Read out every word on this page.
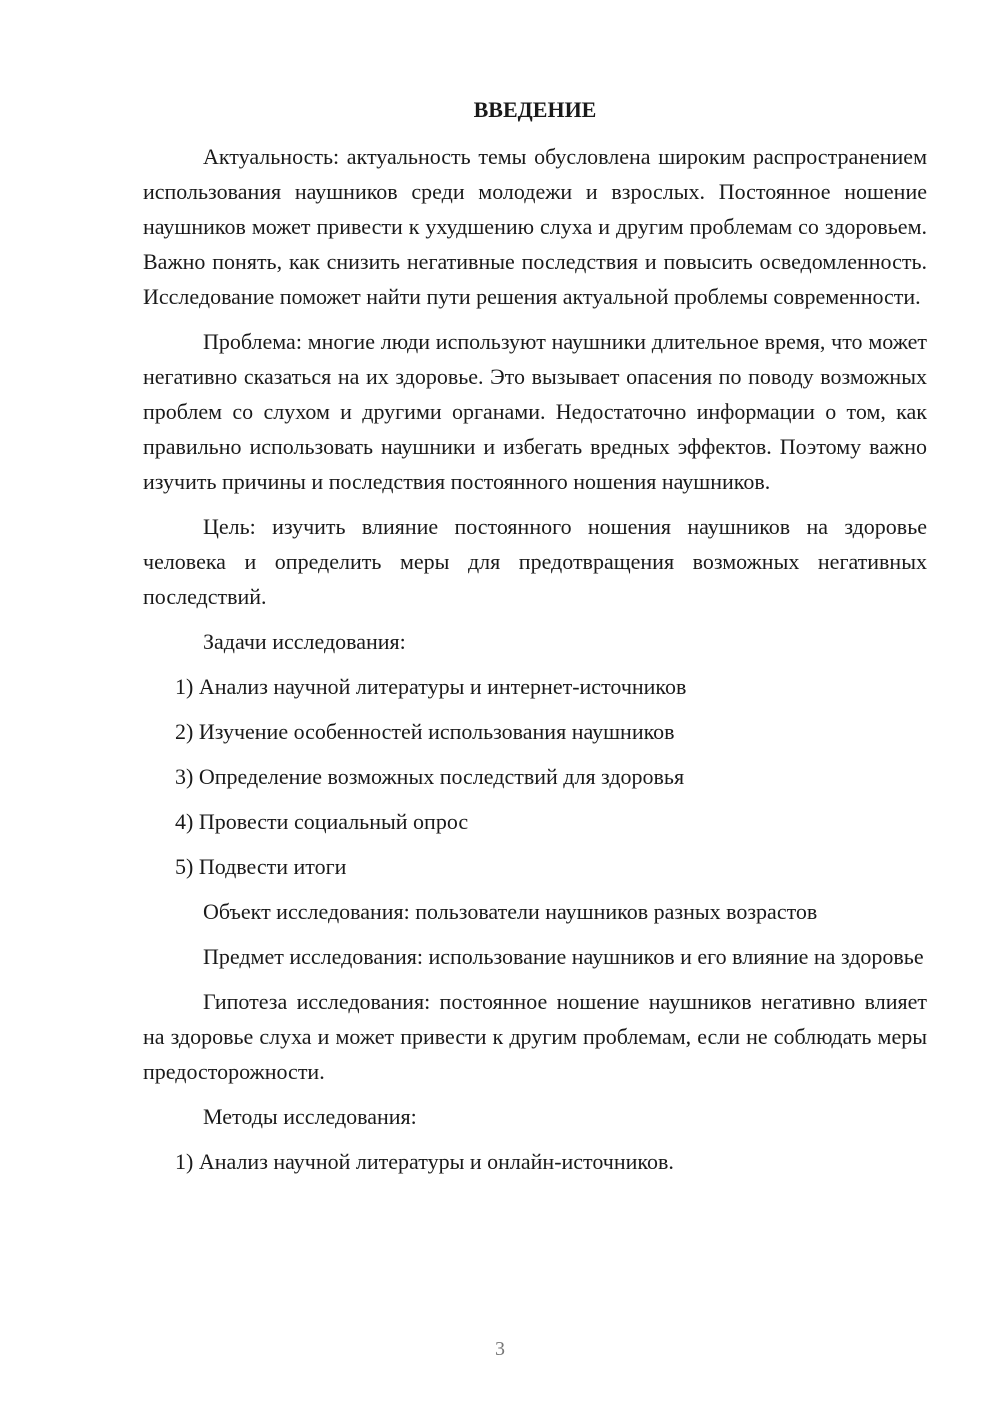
ВВЕДЕНИЕ

Актуальность: актуальность темы обусловлена широким распространением использования наушников среди молодежи и взрослых. Постоянное ношение наушников может привести к ухудшению слуха и другим проблемам со здоровьем. Важно понять, как снизить негативные последствия и повысить осведомленность. Исследование поможет найти пути решения актуальной проблемы современности.

Проблема: многие люди используют наушники длительное время, что может негативно сказаться на их здоровье. Это вызывает опасения по поводу возможных проблем со слухом и другими органами. Недостаточно информации о том, как правильно использовать наушники и избегать вредных эффектов. Поэтому важно изучить причины и последствия постоянного ношения наушников.

Цель: изучить влияние постоянного ношения наушников на здоровье человека и определить меры для предотвращения возможных негативных последствий.

Задачи исследования:

1) Анализ научной литературы и интернет-источников
2) Изучение особенностей использования наушников
3) Определение возможных последствий для здоровья
4) Провести социальный опрос
5) Подвести итоги

Объект исследования: пользователи наушников разных возрастов

Предмет исследования: использование наушников и его влияние на здоровье

Гипотеза исследования: постоянное ношение наушников негативно влияет на здоровье слуха и может привести к другим проблемам, если не соблюдать меры предосторожности.

Методы исследования:

1) Анализ научной литературы и онлайн-источников.
3
